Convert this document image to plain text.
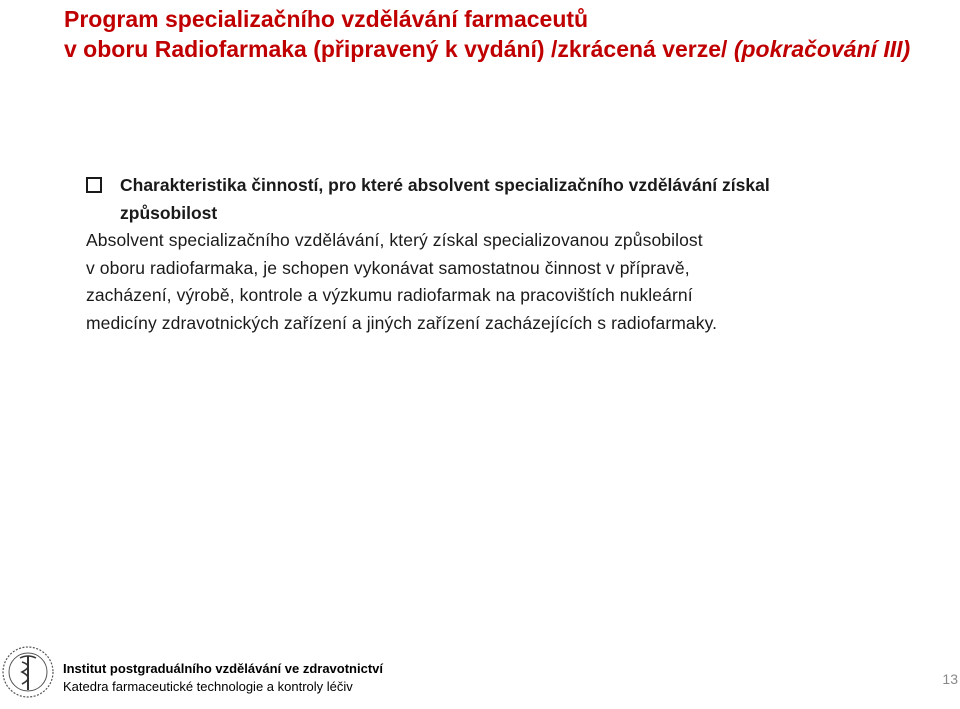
Program specializačního vzdělávání farmaceutů
v oboru Radiofarmaka (připravený k vydání) /zkrácená verze/ (pokračování III)
Charakteristika činností, pro které absolvent specializačního vzdělávání získal
způsobilost
Absolvent specializačního vzdělávání, který získal specializovanou způsobilost
v oboru radiofarmaka, je schopen vykonávat samostatnou činnost v přípravě,
zacházení, výrobě, kontrole a výzkumu radiofarmak na pracovištích nukleární
medicíny zdravotnických zařízení a jiných zařízení zacházejících s radiofarmaky.
Institut postgraduálního vzdělávání ve zdravotnictví
Katedra farmaceutické technologie a kontroly léčiv	13
